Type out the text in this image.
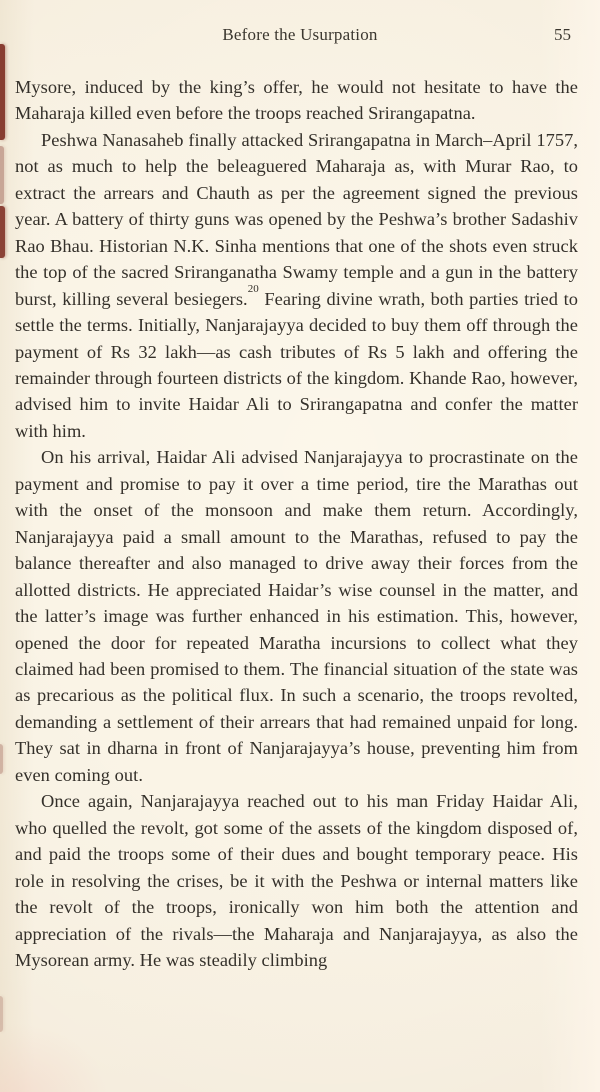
Before the Usurpation	55

Mysore, induced by the king’s offer, he would not hesitate to have the Maharaja killed even before the troops reached Srirangapatna.

Peshwa Nanasaheb finally attacked Srirangapatna in March–April 1757, not as much to help the beleaguered Maharaja as, with Murar Rao, to extract the arrears and Chauth as per the agreement signed the previous year. A battery of thirty guns was opened by the Peshwa’s brother Sadashiv Rao Bhau. Historian N.K. Sinha mentions that one of the shots even struck the top of the sacred Sriranganatha Swamy temple and a gun in the battery burst, killing several besiegers.$^{20}$ Fearing divine wrath, both parties tried to settle the terms. Initially, Nanjarajayya decided to buy them off through the payment of Rs 32 lakh—as cash tributes of Rs 5 lakh and offering the remainder through fourteen districts of the kingdom. Khande Rao, however, advised him to invite Haidar Ali to Srirangapatna and confer the matter with him.

On his arrival, Haidar Ali advised Nanjarajayya to procrastinate on the payment and promise to pay it over a time period, tire the Marathas out with the onset of the monsoon and make them return. Accordingly, Nanjarajayya paid a small amount to the Marathas, refused to pay the balance thereafter and also managed to drive away their forces from the allotted districts. He appreciated Haidar’s wise counsel in the matter, and the latter’s image was further enhanced in his estimation. This, however, opened the door for repeated Maratha incursions to collect what they claimed had been promised to them. The financial situation of the state was as precarious as the political flux. In such a scenario, the troops revolted, demanding a settlement of their arrears that had remained unpaid for long. They sat in dharna in front of Nanjarajayya’s house, preventing him from even coming out.

Once again, Nanjarajayya reached out to his man Friday Haidar Ali, who quelled the revolt, got some of the assets of the kingdom disposed of, and paid the troops some of their dues and bought temporary peace. His role in resolving the crises, be it with the Peshwa or internal matters like the revolt of the troops, ironically won him both the attention and appreciation of the rivals—the Maharaja and Nanjarajayya, as also the Mysorean army. He was steadily climbing
